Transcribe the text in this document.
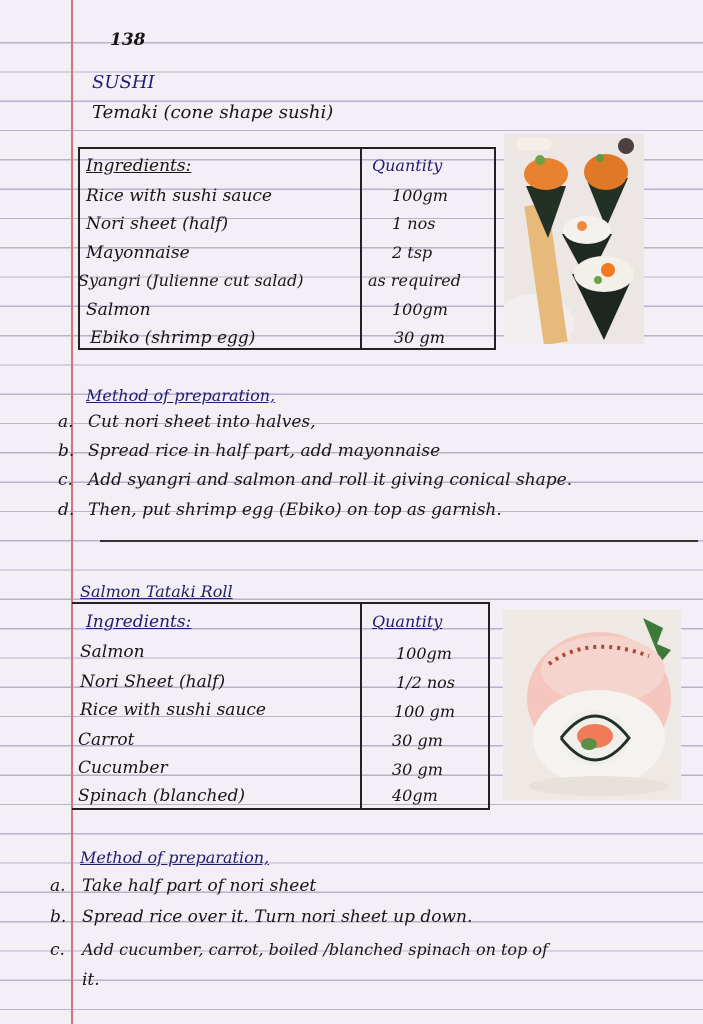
138
SUSHI
Temaki (cone shape sushi)
Ingredients:	Quantity
Rice with sushi sauce	100gm
Nori sheet (half)	1 nos
Mayonnaise	2 tsp
Syangri (Julienne cut salad)	as required
Salmon	100gm
Ebiko (shrimp egg)	30 gm
Method of preparation,
a. Cut nori sheet into halves,
b. Spread rice in half part, add mayonnaise
c. Add syangri and salmon and roll it giving conical shape.
d. Then, put shrimp egg (Ebiko) on top as garnish.
Salmon Tataki Roll
Ingredients:	Quantity
Salmon	100gm
Nori Sheet (half)	1/2 nos
Rice with sushi sauce	100 gm
Carrot	30 gm
Cucumber	30 gm
Spinach (blanched)	40gm
Method of preparation,
a. Take half part of nori sheet
b. Spread rice over it. Turn nori sheet up down.
c. Add cucumber, carrot, boiled /blanched spinach on top of
it.
